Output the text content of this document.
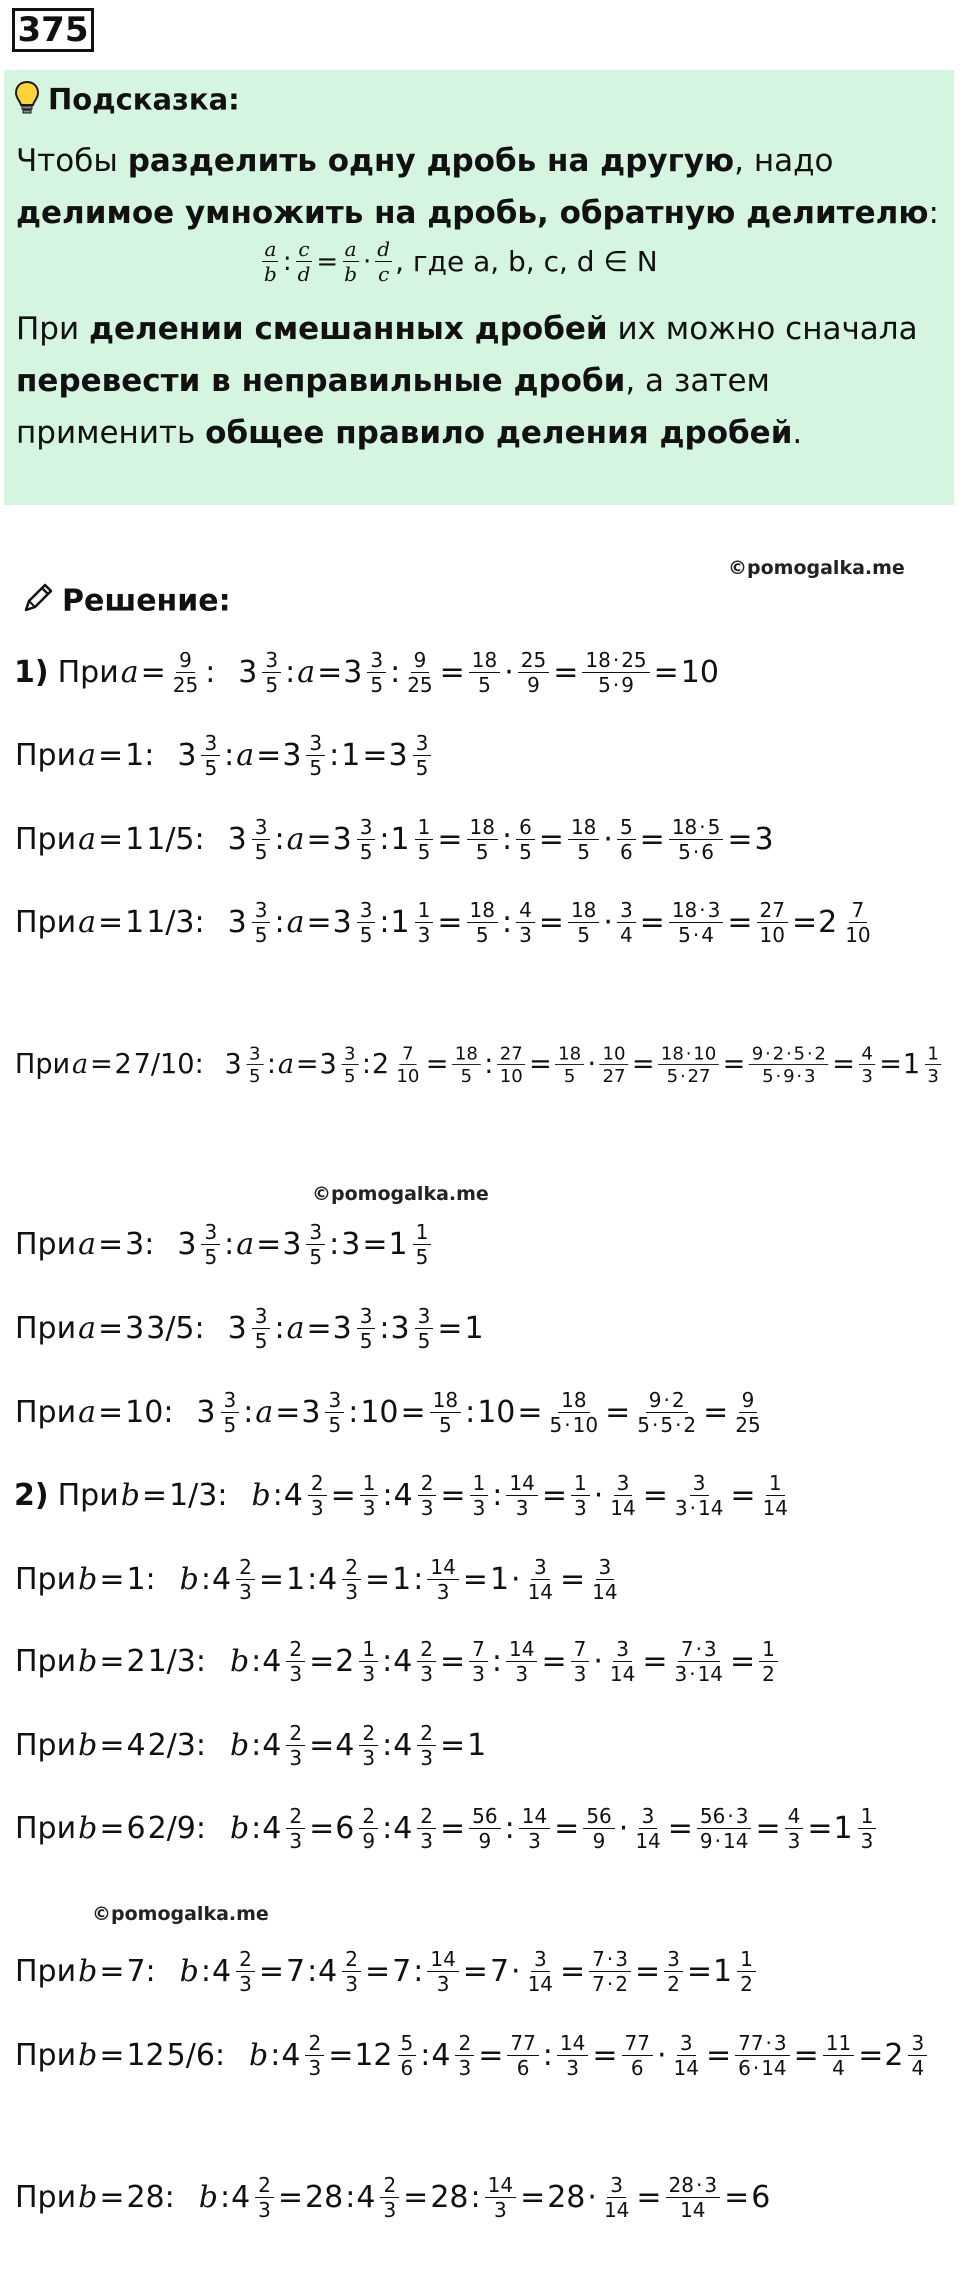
375
Подсказка:
Чтобы разделить одну дробь на другую, надо делимое умножить на дробь, обратную делителю:
$\frac{a}{b}$ : $\frac{c}{d} = \frac{a}{b} \cdot \frac{d}{c}$ , где a, b, c, d ∈ N
При делении смешанных дробей их можно сначала перевести в неправильные дроби, а затем применить общее правило деления дробей.
©pomogalka.me
Решение:
1) При $a = \frac{9}{25}$ : $3 \frac{3}{5}$ : $a = 3 \frac{3}{5}$ : $\frac{9}{25} = \frac{18}{5} \cdot \frac{25}{9} = \frac{18 \cdot 25}{5 \cdot 9} = 10$
При a = 1: $3 \frac{3}{5}$ : $a = 3 \frac{3}{5}$ : $1 = 3 \frac{3}{5}$
При a = 1 1/5: $3 \frac{3}{5}$ : $a = 3 \frac{3}{5}$ : $1 \frac{1}{5} = \frac{18}{5}$ : $\frac{6}{5} = \frac{18}{5} \cdot \frac{5}{6} = \frac{18 \cdot 5}{5 \cdot 6} = 3$
При a = 1 1/3: $3 \frac{3}{5}$ : $a = 3 \frac{3}{5}$ : $1 \frac{1}{3} = \frac{18}{5}$ : $\frac{4}{3} = \frac{18}{5} \cdot \frac{3}{4} = \frac{18 \cdot 3}{5 \cdot 4} = \frac{27}{10} = 2 \frac{7}{10}$
При a = 2 7/10: $3 \frac{3}{5}$ : $a = 3 \frac{3}{5}$ : $2 \frac{7}{10} = \frac{18}{5}$ : $\frac{27}{10} = \frac{18}{5} \cdot \frac{10}{27} = \frac{18\cdot 10}{5\cdot 27} = \frac{9\cdot 2\cdot 5\cdot 2}{5\cdot 9\cdot 3} = \frac{4}{3} = 1 \frac{1}{3}$
При a = 3: $3 \frac{3}{5}$ : $a = 3 \frac{3}{5}$ : $3 = 1 \frac{1}{5}$
При a = 3 3/5: $3 \frac{3}{5}$ : $a = 3 \frac{3}{5}$ : $3 \frac{3}{5} = 1$
При a = 10: $3 \frac{3}{5}$ : $a = 3 \frac{3}{5}$ : $10 = \frac{18}{5}$ : $10 = \frac{18}{5 \cdot 10} = \frac{9 \cdot 2}{5 \cdot 5 \cdot 2} = \frac{9}{25}$
2) При b = 1/3: b : $4 \frac{2}{3} = \frac{1}{3}$ : $4 \frac{2}{3} = \frac{1}{3}$ : $\frac{14}{3} = \frac{1}{3} \cdot \frac{3}{14} = \frac{3}{3 \cdot 14} = \frac{1}{14}$
При b = 1: b : $4 \frac{2}{3} = 1$ : $4 \frac{2}{3} = 1$ : $\frac{14}{3} = 1 \cdot \frac{3}{14} = \frac{3}{14}$
При b = 2 1/3: b : $4 \frac{2}{3} = 2 \frac{1}{3}$ : $4 \frac{2}{3} = \frac{7}{3}$ : $\frac{14}{3} = \frac{7}{3} \cdot \frac{3}{14} = \frac{7 \cdot 3}{3 \cdot 14} = \frac{1}{2}$
При b = 4 2/3: b : $4 \frac{2}{3} = 4 \frac{2}{3}$ : $4 \frac{2}{3} = 1$
При b = 6 2/9: b : $4 \frac{2}{3} = 6 \frac{2}{9}$ : $4 \frac{2}{3} = \frac{56}{9}$ : $\frac{14}{3} = \frac{56}{9} \cdot \frac{3}{14} = \frac{56 \cdot 3}{9 \cdot 14} = \frac{4}{3} = 1 \frac{1}{3}$
При b = 7: b : $4 \frac{2}{3} = 7$ : $4 \frac{2}{3} = 7$ : $\frac{14}{3} = 7 \cdot \frac{3}{14} = \frac{7 \cdot 3}{7 \cdot 2} = \frac{3}{2} = 1 \frac{1}{2}$
При b = 12 5/6: b : $4 \frac{2}{3} = 12 \frac{5}{6}$ : $4 \frac{2}{3} = \frac{77}{6}$ : $\frac{14}{3} = \frac{77}{6} \cdot \frac{3}{14} = \frac{77 \cdot 3}{6 \cdot 14} = \frac{11}{4} = 2 \frac{3}{4}$
При b = 28: b : $4 \frac{2}{3} = 28$ : $4 \frac{2}{3} = 28$ : $\frac{14}{3} = 28 \cdot \frac{3}{14} = \frac{28 \cdot 3}{14} = 6$
©pomogalka.me
©pomogalka.me
